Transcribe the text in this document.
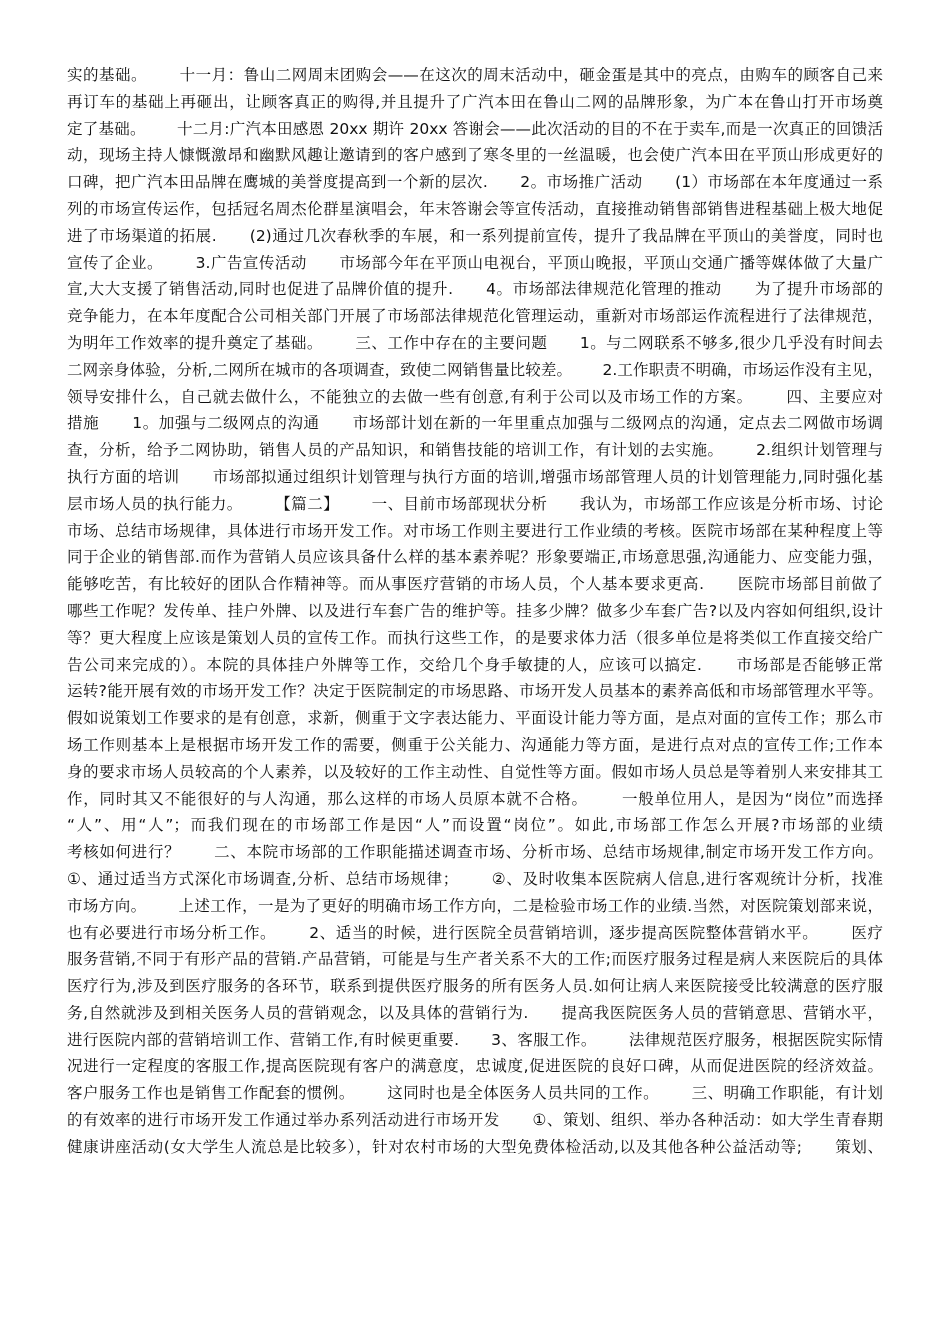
实的基础。      十一月：鲁山二网周末团购会——在这次的周末活动中，砸金蛋是其中的亮点，由购车的顾客自己来
再订车的基础上再砸出，让顾客真正的购得,并且提升了广汽本田在鲁山二网的品牌形象，为广本在鲁山打开市场奠
定了基础。      十二月:广汽本田感恩 20xx 期许 20xx 答谢会——此次活动的目的不在于卖车,而是一次真正的回馈活
动，现场主持人慷慨激昂和幽默风趣让邀请到的客户感到了寒冬里的一丝温暖，也会使广汽本田在平顶山形成更好的
口碑，把广汽本田品牌在鹰城的美誉度提高到一个新的层次.      2。市场推广活动      (1）市场部在本年度通过一系
列的市场宣传运作，包括冠名周杰伦群星演唱会，年末答谢会等宣传活动，直接推动销售部销售进程基础上极大地促
进了市场渠道的拓展.      (2)通过几次春秋季的车展，和一系列提前宣传，提升了我品牌在平顶山的美誉度，同时也
宣传了企业。      3.广告宣传活动      市场部今年在平顶山电视台，平顶山晚报，平顶山交通广播等媒体做了大量广
宣,大大支援了销售活动,同时也促进了品牌价值的提升.      4。市场部法律规范化管理的推动      为了提升市场部的
竞争能力，在本年度配合公司相关部门开展了市场部法律规范化管理运动，重新对市场部运作流程进行了法律规范，
为明年工作效率的提升奠定了基础。      三、工作中存在的主要问题      1。与二网联系不够多,很少几乎没有时间去
二网亲身体验，分析,二网所在城市的各项调查，致使二网销售量比较差。      2.工作职责不明确，市场运作没有主见，
领导安排什么，自己就去做什么，不能独立的去做一些有创意,有利于公司以及市场工作的方案。      四、主要应对
措施      1。加强与二级网点的沟通      市场部计划在新的一年里重点加强与二级网点的沟通，定点去二网做市场调
查，分析，给予二网协助，销售人员的产品知识，和销售技能的培训工作，有计划的去实施。      2.组织计划管理与
执行方面的培训      市场部拟通过组织计划管理与执行方面的培训,增强市场部管理人员的计划管理能力,同时强化基
层市场人员的执行能力。      【篇二】      一、目前市场部现状分析      我认为，市场部工作应该是分析市场、讨论
市场、总结市场规律，具体进行市场开发工作。对市场工作则主要进行工作业绩的考核。医院市场部在某种程度上等
同于企业的销售部.而作为营销人员应该具备什么样的基本素养呢？形象要端正,市场意思强,沟通能力、应变能力强，
能够吃苦，有比较好的团队合作精神等。而从事医疗营销的市场人员，个人基本要求更高.      医院市场部目前做了
哪些工作呢？发传单、挂户外牌、以及进行车套广告的维护等。挂多少牌？做多少车套广告?以及内容如何组织,设计
等？更大程度上应该是策划人员的宣传工作。而执行这些工作，的是要求体力活（很多单位是将类似工作直接交给广
告公司来完成的）。本院的具体挂户外牌等工作，交给几个身手敏捷的人，应该可以搞定.      市场部是否能够正常
运转?能开展有效的市场开发工作？决定于医院制定的市场思路、市场开发人员基本的素养高低和市场部管理水平等。
假如说策划工作要求的是有创意，求新，侧重于文字表达能力、平面设计能力等方面，是点对面的宣传工作；那么市
场工作则基本上是根据市场开发工作的需要，侧重于公关能力、沟通能力等方面，是进行点对点的宣传工作;工作本
身的要求市场人员较高的个人素养，以及较好的工作主动性、自觉性等方面。假如市场人员总是等着别人来安排其工
作，同时其又不能很好的与人沟通，那么这样的市场人员原本就不合格。      一般单位用人，是因为“岗位”而选择
“人”、用“人”；而我们现在的市场部工作是因“人”而设置“岗位”。如此,市场部工作怎么开展?市场部的业绩
考核如何进行？      二、本院市场部的工作职能描述调查市场、分析市场、总结市场规律,制定市场开发工作方向。
①、通过适当方式深化市场调查,分析、总结市场规律；      ②、及时收集本医院病人信息,进行客观统计分析，找准
市场方向。      上述工作，一是为了更好的明确市场工作方向，二是检验市场工作的业绩.当然，对医院策划部来说，
也有必要进行市场分析工作。      2、适当的时候，进行医院全员营销培训，逐步提高医院整体营销水平。      医疗
服务营销,不同于有形产品的营销.产品营销，可能是与生产者关系不大的工作;而医疗服务过程是病人来医院后的具体
医疗行为,涉及到医疗服务的各环节，联系到提供医疗服务的所有医务人员.如何让病人来医院接受比较满意的医疗服
务,自然就涉及到相关医务人员的营销观念，以及具体的营销行为.      提高我医院医务人员的营销意思、营销水平，
进行医院内部的营销培训工作、营销工作,有时候更重要.      3、客服工作。      法律规范医疗服务，根据医院实际情
况进行一定程度的客服工作,提高医院现有客户的满意度，忠诚度,促进医院的良好口碑，从而促进医院的经济效益。
客户服务工作也是销售工作配套的惯例。      这同时也是全体医务人员共同的工作。      三、明确工作职能，有计划
的有效率的进行市场开发工作通过举办系列活动进行市场开发      ①、策划、组织、举办各种活动：如大学生青春期
健康讲座活动(女大学生人流总是比较多），针对农村市场的大型免费体检活动,以及其他各种公益活动等;      策划、
